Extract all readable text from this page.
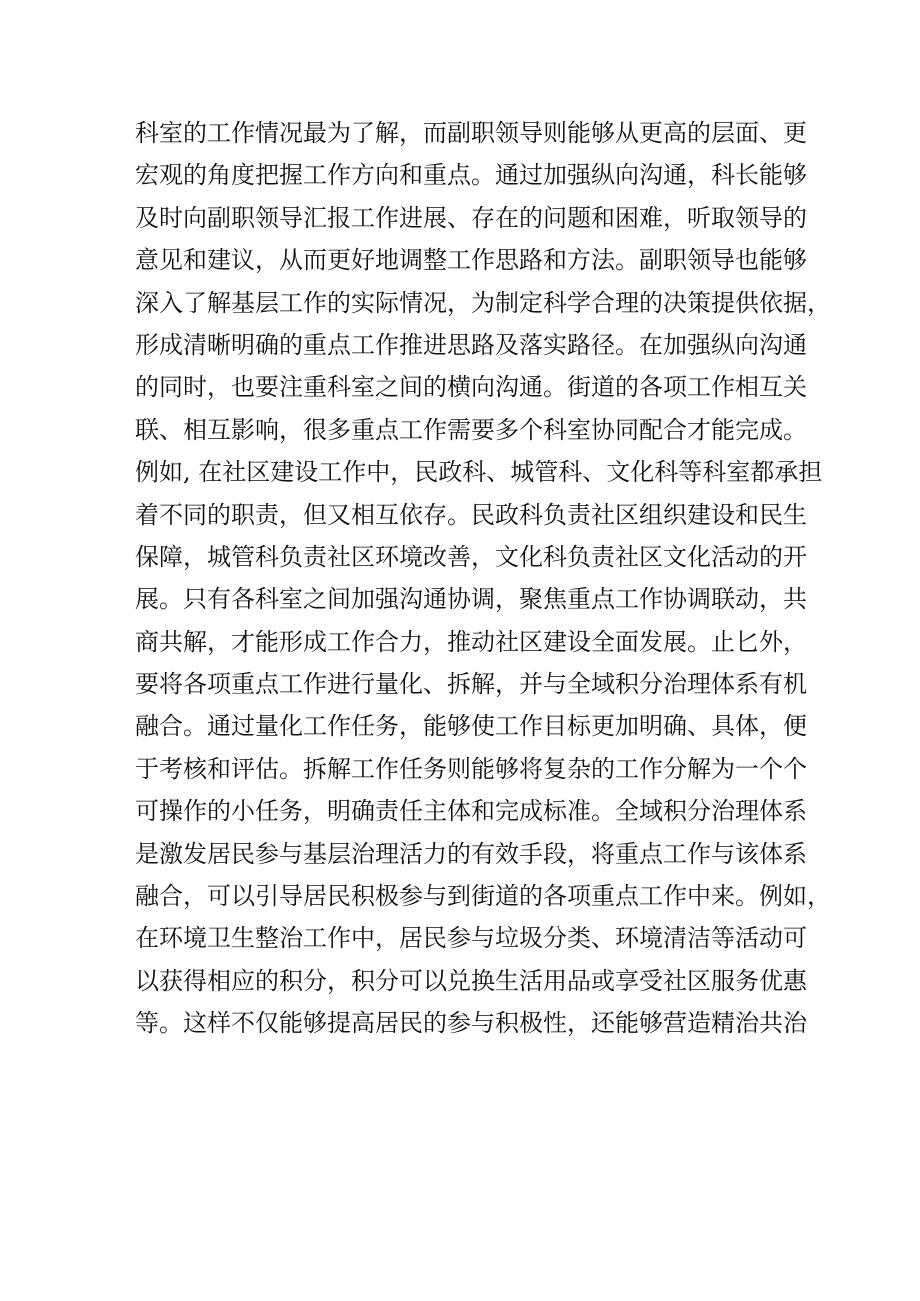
科室的工作情况最为了解，而副职领导则能够从更高的层面、更
宏观的角度把握工作方向和重点。通过加强纵向沟通，科长能够
及时向副职领导汇报工作进展、存在的问题和困难，听取领导的
意见和建议，从而更好地调整工作思路和方法。副职领导也能够
深入了解基层工作的实际情况，为制定科学合理的决策提供依据，
形成清晰明确的重点工作推进思路及落实路径。在加强纵向沟通
的同时，也要注重科室之间的横向沟通。街道的各项工作相互关
联、相互影响，很多重点工作需要多个科室协同配合才能完成。
例如, 在社区建设工作中，民政科、城管科、文化科等科室都承担
着不同的职责，但又相互依存。民政科负责社区组织建设和民生
保障，城管科负责社区环境改善，文化科负责社区文化活动的开
展。只有各科室之间加强沟通协调，聚焦重点工作协调联动，共
商共解，才能形成工作合力，推动社区建设全面发展。止匕外，
要将各项重点工作进行量化、拆解，并与全域积分治理体系有机
融合。通过量化工作任务，能够使工作目标更加明确、具体，便
于考核和评估。拆解工作任务则能够将复杂的工作分解为一个个
可操作的小任务，明确责任主体和完成标准。全域积分治理体系
是激发居民参与基层治理活力的有效手段，将重点工作与该体系
融合，可以引导居民积极参与到街道的各项重点工作中来。例如，
在环境卫生整治工作中，居民参与垃圾分类、环境清洁等活动可
以获得相应的积分，积分可以兑换生活用品或享受社区服务优惠
等。这样不仅能够提高居民的参与积极性，还能够营造精治共治
